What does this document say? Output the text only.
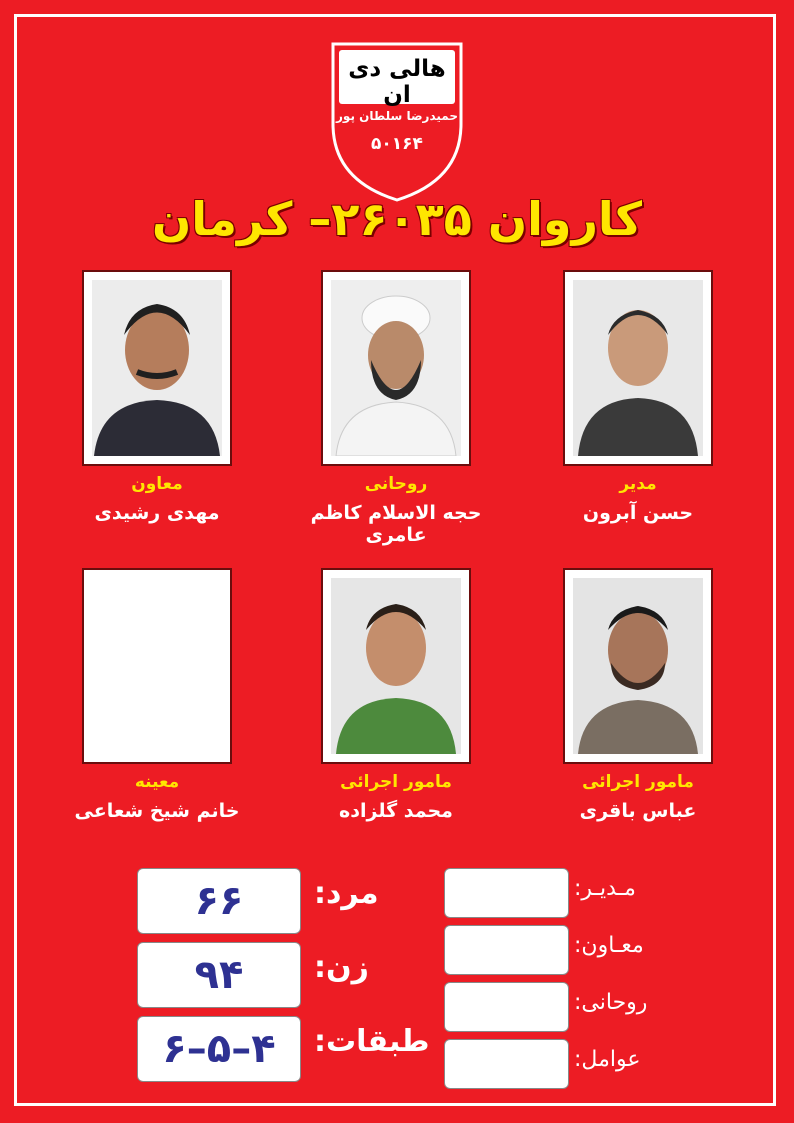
هالی دی ان
حمیدرضا سلطان پور
۵۰۱۶۴
کاروان ۲۶۰۳۵– کرمان
مدیر
حسن آبرون
روحانی
حجه الاسلام کاظم عامری
معاون
مهدی رشیدی
مامور اجرائی
عباس باقری
مامور اجرائی
محمد گلزاده
معینه
خانم شیخ شعاعی
۶۶	مرد:
۹۴	زن:
۶–۵–۴	طبقات:
مـدیـر:
معـاون:
روحانی:
عوامل:
